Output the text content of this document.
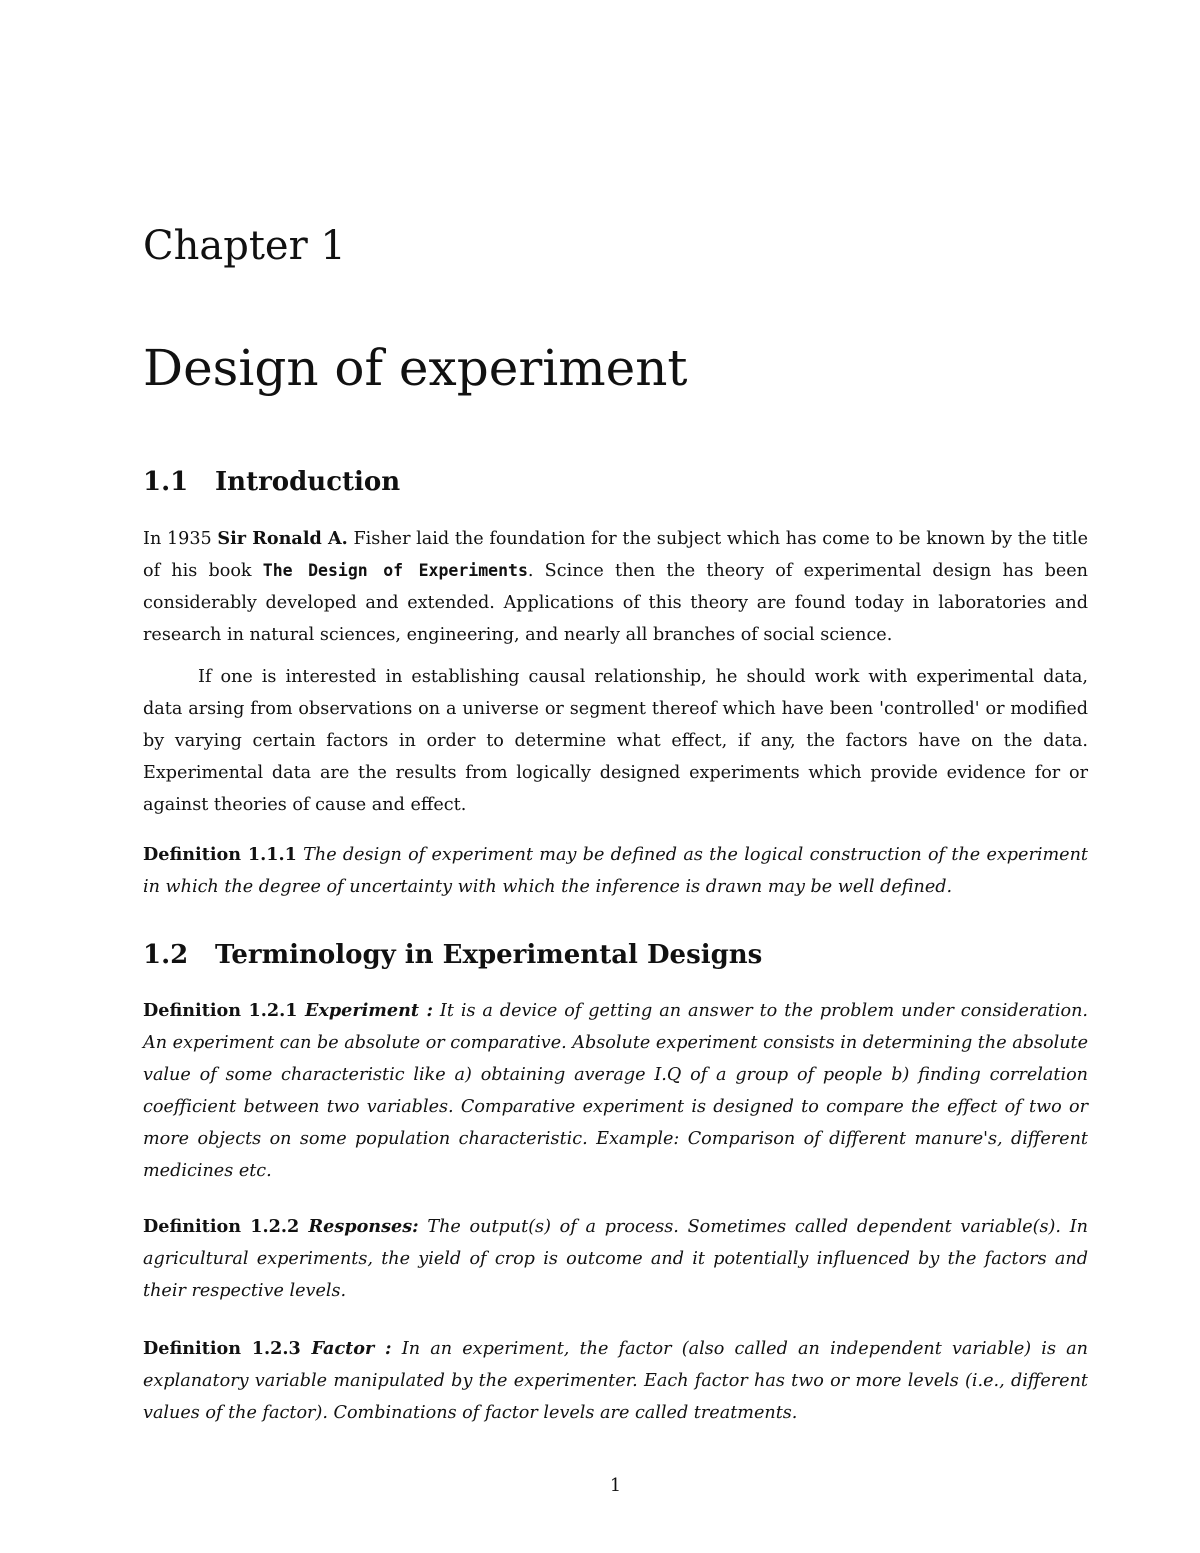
Chapter 1
Design of experiment
1.1 Introduction

In 1935 Sir Ronald A. Fisher laid the foundation for the subject which has come to be known by the title of his book The Design of Experiments. Scince then the theory of experimental design has been considerably developed and extended. Applications of this theory are found today in laboratories and research in natural sciences, engineering, and nearly all branches of social science.

If one is interested in establishing causal relationship, he should work with experimental data, data arsing from observations on a universe or segment thereof which have been 'controlled' or modified by varying certain factors in order to determine what effect, if any, the factors have on the data. Experimental data are the results from logically designed experiments which provide evidence for or against theories of cause and effect.

Definition 1.1.1 The design of experiment may be defined as the logical construction of the experiment in which the degree of uncertainty with which the inference is drawn may be well defined.

1.2 Terminology in Experimental Designs

Definition 1.2.1 Experiment : It is a device of getting an answer to the problem under consideration. An experiment can be absolute or comparative. Absolute experiment consists in determining the absolute value of some characteristic like a) obtaining average I.Q of a group of people b) finding correlation coefficient between two variables. Comparative experiment is designed to compare the effect of two or more objects on some population characteristic. Example: Comparison of different manure's, different medicines etc.

Definition 1.2.2 Responses: The output(s) of a process. Sometimes called dependent variable(s). In agricultural experiments, the yield of crop is outcome and it potentially influenced by the factors and their respective levels.

Definition 1.2.3 Factor : In an experiment, the factor (also called an independent variable) is an explanatory variable manipulated by the experimenter. Each factor has two or more levels (i.e., different values of the factor). Combinations of factor levels are called treatments.

1
